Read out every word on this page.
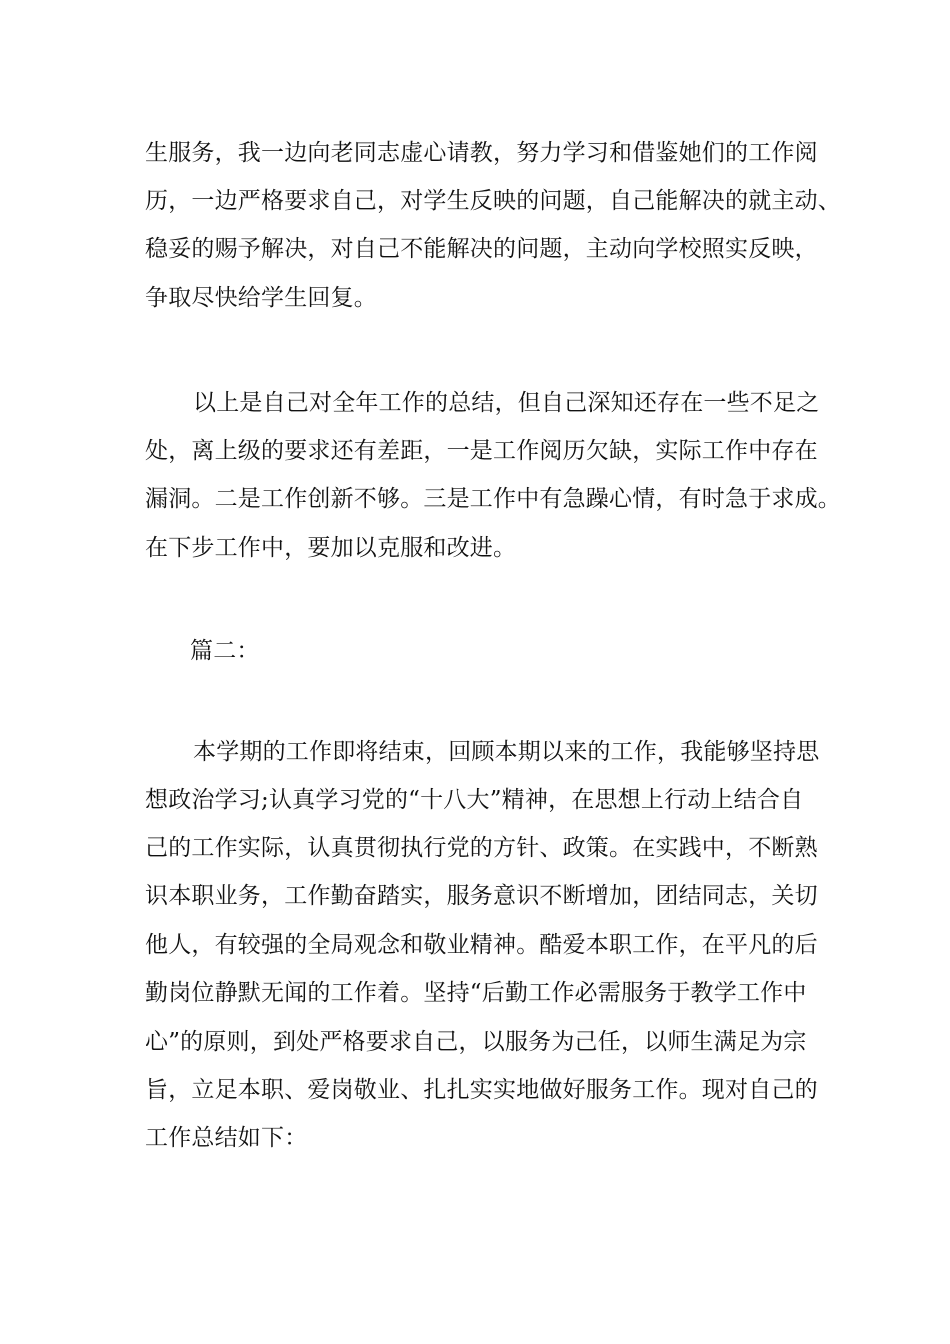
生服务，我一边向老同志虚心请教，努力学习和借鉴她们的工作阅
历，一边严格要求自己，对学生反映的问题，自己能解决的就主动、
稳妥的赐予解决，对自己不能解决的问题，主动向学校照实反映，
争取尽快给学生回复。
以上是自己对全年工作的总结，但自己深知还存在一些不足之
处，离上级的要求还有差距，一是工作阅历欠缺，实际工作中存在
漏洞。二是工作创新不够。三是工作中有急躁心情，有时急于求成。
在下步工作中，要加以克服和改进。
篇二：
本学期的工作即将结束，回顾本期以来的工作，我能够坚持思
想政治学习;认真学习党的“十八大”精神，在思想上行动上结合自
己的工作实际，认真贯彻执行党的方针、政策。在实践中，不断熟
识本职业务，工作勤奋踏实，服务意识不断增加，团结同志，关切
他人，有较强的全局观念和敬业精神。酷爱本职工作，在平凡的后
勤岗位静默无闻的工作着。坚持“后勤工作必需服务于教学工作中
心”的原则，到处严格要求自己，以服务为己任，以师生满足为宗
旨，立足本职、爱岗敬业、扎扎实实地做好服务工作。现对自己的
工作总结如下：
